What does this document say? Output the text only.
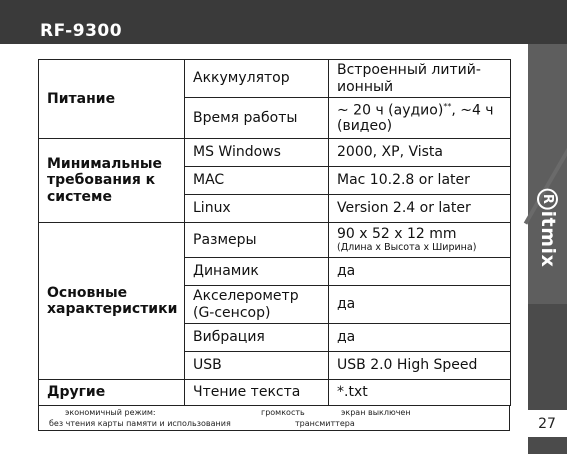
RF-9300
Ritmix
27
Питание	Аккумулятор	Встроенный литий-ионный
	Время работы	~ 20 ч (аудио)**, ~4 ч (видео)
Минимальные требования к системе	MS Windows	2000, XP, Vista
	MAC	Mac 10.2.8 or later
	Linux	Version 2.4 or later
Основные характеристики	Размеры	90 x 52 x 12 mm
(Длина х Высота х Ширина)

	Динамик	да
	Акселерометр (G-сенсор)	да
	Вибрация	да
	USB	USB 2.0 High Speed
Другие	Чтение текста	*.txt
экономичный режим:	громкость	экран выключен
без чтения карты памяти и использования	трансмиттера
